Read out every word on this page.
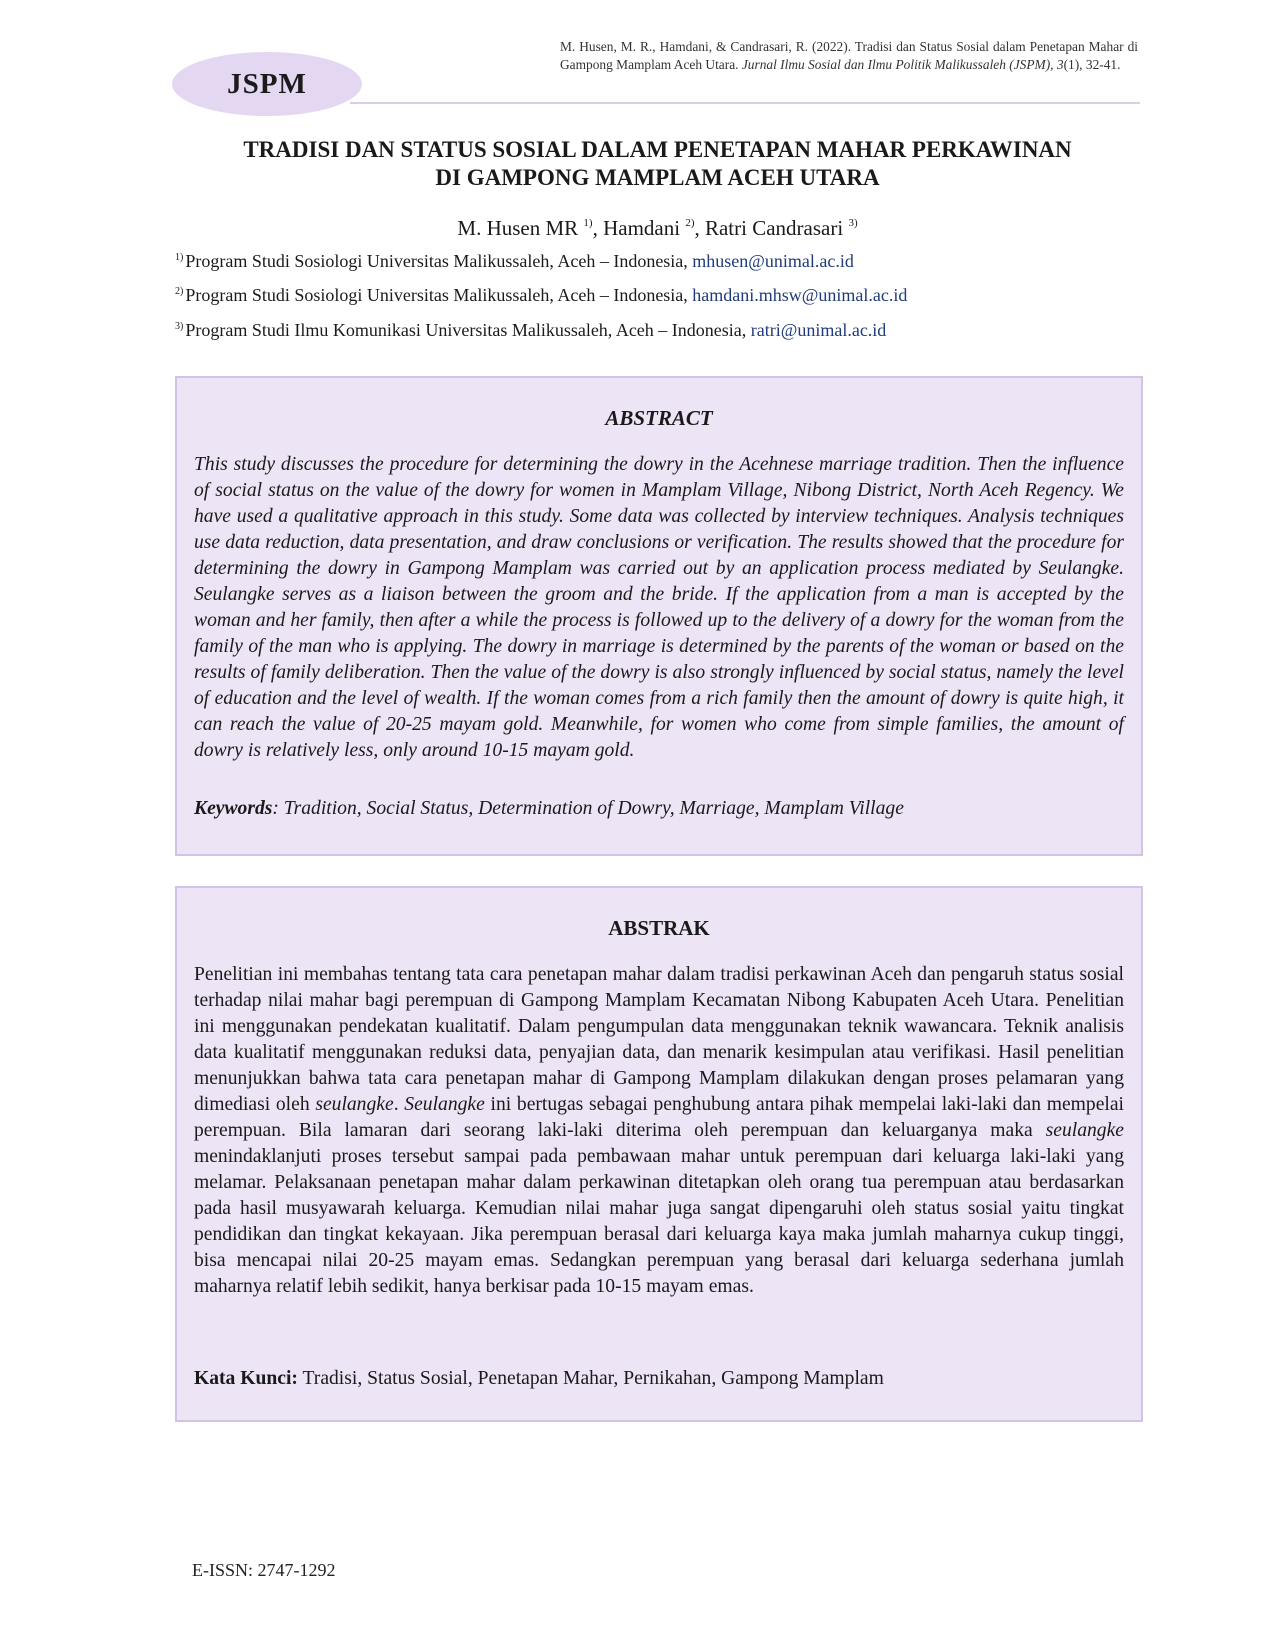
JSPM
M. Husen, M. R., Hamdani, & Candrasari, R. (2022). Tradisi dan Status Sosial dalam Penetapan Mahar di Gampong Mamplam Aceh Utara. Jurnal Ilmu Sosial dan Ilmu Politik Malikussaleh (JSPM), 3(1), 32-41.
TRADISI DAN STATUS SOSIAL DALAM PENETAPAN MAHAR PERKAWINAN
DI GAMPONG MAMPLAM ACEH UTARA
M. Husen MR $^{1)}$, Hamdani $^{2)}$, Ratri Candrasari $^{3)}$
$^{1)}$ Program Studi Sosiologi Universitas Malikussaleh, Aceh – Indonesia, mhusen@unimal.ac.id
$^{2)}$ Program Studi Sosiologi Universitas Malikussaleh, Aceh – Indonesia, hamdani.mhsw@unimal.ac.id
$^{3)}$ Program Studi Ilmu Komunikasi Universitas Malikussaleh, Aceh – Indonesia, ratri@unimal.ac.id
ABSTRACT
This study discusses the procedure for determining the dowry in the Acehnese marriage tradition. Then the influence of social status on the value of the dowry for women in Mamplam Village, Nibong District, North Aceh Regency. We have used a qualitative approach in this study. Some data was collected by interview techniques. Analysis techniques use data reduction, data presentation, and draw conclusions or verification. The results showed that the procedure for determining the dowry in Gampong Mamplam was carried out by an application process mediated by Seulangke. Seulangke serves as a liaison between the groom and the bride. If the application from a man is accepted by the woman and her family, then after a while the process is followed up to the delivery of a dowry for the woman from the family of the man who is applying. The dowry in marriage is determined by the parents of the woman or based on the results of family deliberation. Then the value of the dowry is also strongly influenced by social status, namely the level of education and the level of wealth. If the woman comes from a rich family then the amount of dowry is quite high, it can reach the value of 20-25 mayam gold. Meanwhile, for women who come from simple families, the amount of dowry is relatively less, only around 10-15 mayam gold.
Keywords: Tradition, Social Status, Determination of Dowry, Marriage, Mamplam Village
ABSTRAK
Penelitian ini membahas tentang tata cara penetapan mahar dalam tradisi perkawinan Aceh dan pengaruh status sosial terhadap nilai mahar bagi perempuan di Gampong Mamplam Kecamatan Nibong Kabupaten Aceh Utara. Penelitian ini menggunakan pendekatan kualitatif. Dalam pengumpulan data menggunakan teknik wawancara. Teknik analisis data kualitatif menggunakan reduksi data, penyajian data, dan menarik kesimpulan atau verifikasi. Hasil penelitian menunjukkan bahwa tata cara penetapan mahar di Gampong Mamplam dilakukan dengan proses pelamaran yang dimediasi oleh seulangke. Seulangke ini bertugas sebagai penghubung antara pihak mempelai laki-laki dan mempelai perempuan. Bila lamaran dari seorang laki-laki diterima oleh perempuan dan keluarganya maka seulangke menindaklanjuti proses tersebut sampai pada pembawaan mahar untuk perempuan dari keluarga laki-laki yang melamar. Pelaksanaan penetapan mahar dalam perkawinan ditetapkan oleh orang tua perempuan atau berdasarkan pada hasil musyawarah keluarga. Kemudian nilai mahar juga sangat dipengaruhi oleh status sosial yaitu tingkat pendidikan dan tingkat kekayaan. Jika perempuan berasal dari keluarga kaya maka jumlah maharnya cukup tinggi, bisa mencapai nilai 20-25 mayam emas. Sedangkan perempuan yang berasal dari keluarga sederhana jumlah maharnya relatif lebih sedikit, hanya berkisar pada 10-15 mayam emas.
Kata Kunci: Tradisi, Status Sosial, Penetapan Mahar, Pernikahan, Gampong Mamplam
E-ISSN: 2747-1292
